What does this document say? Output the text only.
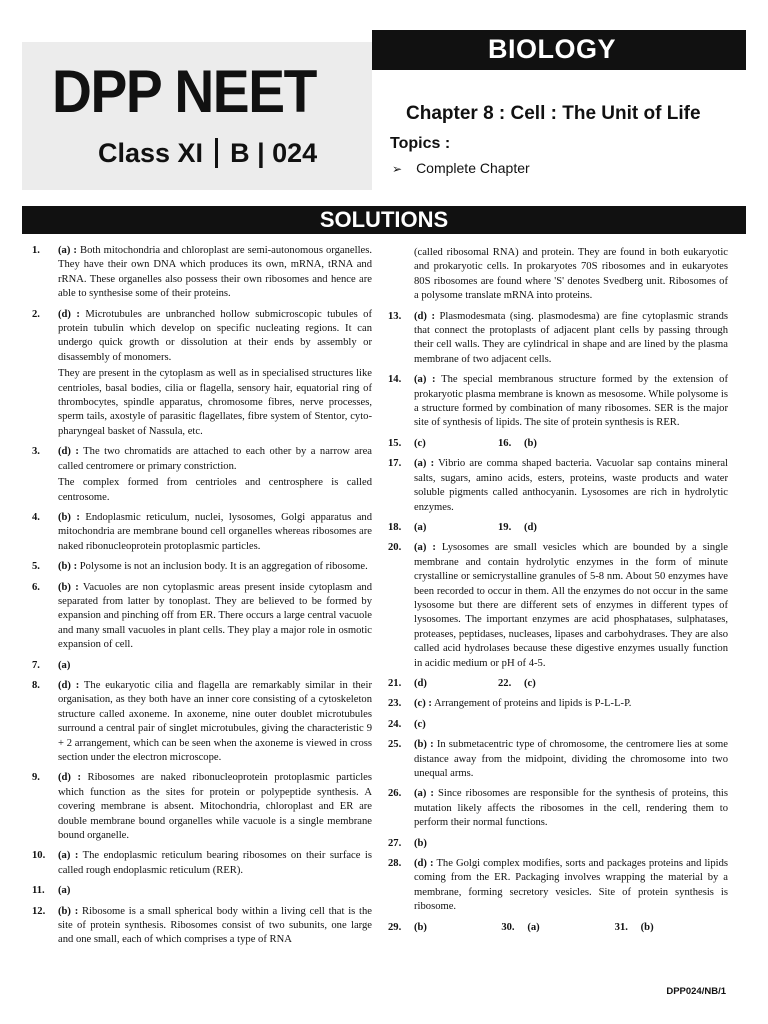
DPP NEET
Class XI B | 024
BIOLOGY
Chapter 8 : Cell : The Unit of Life
Topics :
➢ Complete Chapter
SOLUTIONS
1. (a) : Both mitochondria and chloroplast are semi-autonomous organelles. They have their own DNA which produces its own, mRNA, tRNA and rRNA. These organelles also possess their own ribosomes and hence are able to synthesise some of their proteins.
2. (d) : Microtubules are unbranched hollow submicroscopic tubules of protein tubulin which develop on specific nucleating regions. It can undergo quick growth or dissolution at their ends by assembly or disassembly of monomers.

They are present in the cytoplasm as well as in specialised structures like centrioles, basal bodies, cilia or flagella, sensory hair, equatorial ring of thrombocytes, spindle apparatus, chromosome fibres, nerve processes, sperm tails, axostyle of parasitic flagellates, fibre system of Stentor, cyto-pharyngeal basket of Nassula, etc.

3. (d) : The two chromatids are attached to each other by a narrow area called centromere or primary constriction.

The complex formed from centrioles and centrosphere is called centrosome.

4. (b) : Endoplasmic reticulum, nuclei, lysosomes, Golgi apparatus and mitochondria are membrane bound cell organelles whereas ribosomes are naked ribonucleoprotein protoplasmic particles.
5. (b) : Polysome is not an inclusion body. It is an aggregation of ribosome.
6. (b) : Vacuoles are non cytoplasmic areas present inside cytoplasm and separated from latter by tonoplast. They are believed to be formed by expansion and pinching off from ER. There occurs a large central vacuole and many small vacuoles in plant cells. They play a major role in osmotic expansion of cell.
7. (a)
8. (d) : The eukaryotic cilia and flagella are remarkably similar in their organisation, as they both have an inner core consisting of a cytoskeleton structure called axoneme. In axoneme, nine outer doublet microtubules surround a central pair of singlet microtubules, giving the characteristic 9 + 2 arrangement, which can be seen when the axoneme is viewed in cross section under the electron microscope.
9. (d) : Ribosomes are naked ribonucleoprotein protoplasmic particles which function as the sites for protein or polypeptide synthesis. A covering membrane is absent. Mitochondria, chloroplast and ER are double membrane bound organelles while vacuole is a single membrane bound organelle.
10. (a) : The endoplasmic reticulum bearing ribosomes on their surface is called rough endoplasmic reticulum (RER).
11. (a)
12. (b) : Ribosome is a small spherical body within a living cell that is the site of protein synthesis. Ribosomes consist of two subunits, one large and one small, each of which comprises a type of RNA
(called ribosomal RNA) and protein. They are found in both eukaryotic and prokaryotic cells. In prokaryotes 70S ribosomes and in eukaryotes 80S ribosomes are found where 'S' denotes Svedberg unit. Ribosomes of a polysome translate mRNA into proteins.
13. (d) : Plasmodesmata (sing. plasmodesma) are fine cytoplasmic strands that connect the protoplasts of adjacent plant cells by passing through their cell walls. They are cylindrical in shape and are lined by the plasma membrane of two adjacent cells.
14. (a) : The special membranous structure formed by the extension of prokaryotic plasma membrane is known as mesosome. While polysome is a structure formed by combination of many ribosomes. SER is the major site of synthesis of lipids. The site of protein synthesis is RER.
15. (c)	16. (b)
17. (a) : Vibrio are comma shaped bacteria. Vacuolar sap contains mineral salts, sugars, amino acids, esters, proteins, waste products and water soluble pigments called anthocyanin. Lysosomes are rich in hydrolytic enzymes.
18. (a)	19. (d)
20. (a) : Lysosomes are small vesicles which are bounded by a single membrane and contain hydrolytic enzymes in the form of minute crystalline or semicrystalline granules of 5-8 nm. About 50 enzymes have been recorded to occur in them. All the enzymes do not occur in the same lysosome but there are different sets of enzymes in different types of lysosomes. The important enzymes are acid phosphatases, sulphatases, proteases, peptidases, nucleases, lipases and carbohydrases. They are also called acid hydrolases because these digestive enzymes usually function in acidic medium or pH of 4-5.
21. (d)	22. (c)
23. (c) : Arrangement of proteins and lipids is P-L-L-P.
24. (c)
25. (b) : In submetacentric type of chromosome, the centromere lies at some distance away from the midpoint, dividing the chromosome into two unequal arms.
26. (a) : Since ribosomes are responsible for the synthesis of proteins, this mutation likely affects the ribosomes in the cell, rendering them to perform their normal functions.
27. (b)
28. (d) : The Golgi complex modifies, sorts and packages proteins and lipids coming from the ER. Packaging involves wrapping the material by a membrane, forming secretory vesicles. Site of protein synthesis is ribosome.
29. (b)	30. (a)	31. (b)
DPP024/NB/1
